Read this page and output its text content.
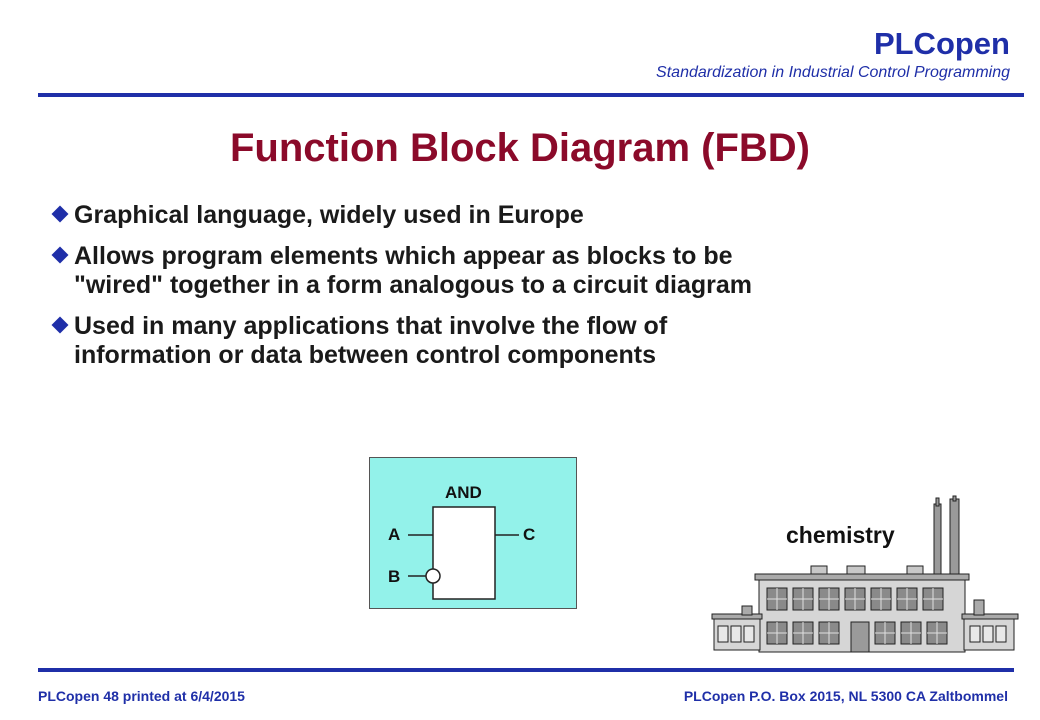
PLCopen
Standardization in Industrial Control Programming
Function Block Diagram (FBD)
Graphical language, widely used in Europe
Allows program elements which appear as blocks to be
"wired" together in a form analogous to a circuit diagram
Used in many applications that involve the flow of
information or data between control components
AND
A
B
C	chemistry
PLCopen 48 printed at 6/4/2015	PLCopen P.O. Box 2015, NL 5300 CA Zaltbommel
